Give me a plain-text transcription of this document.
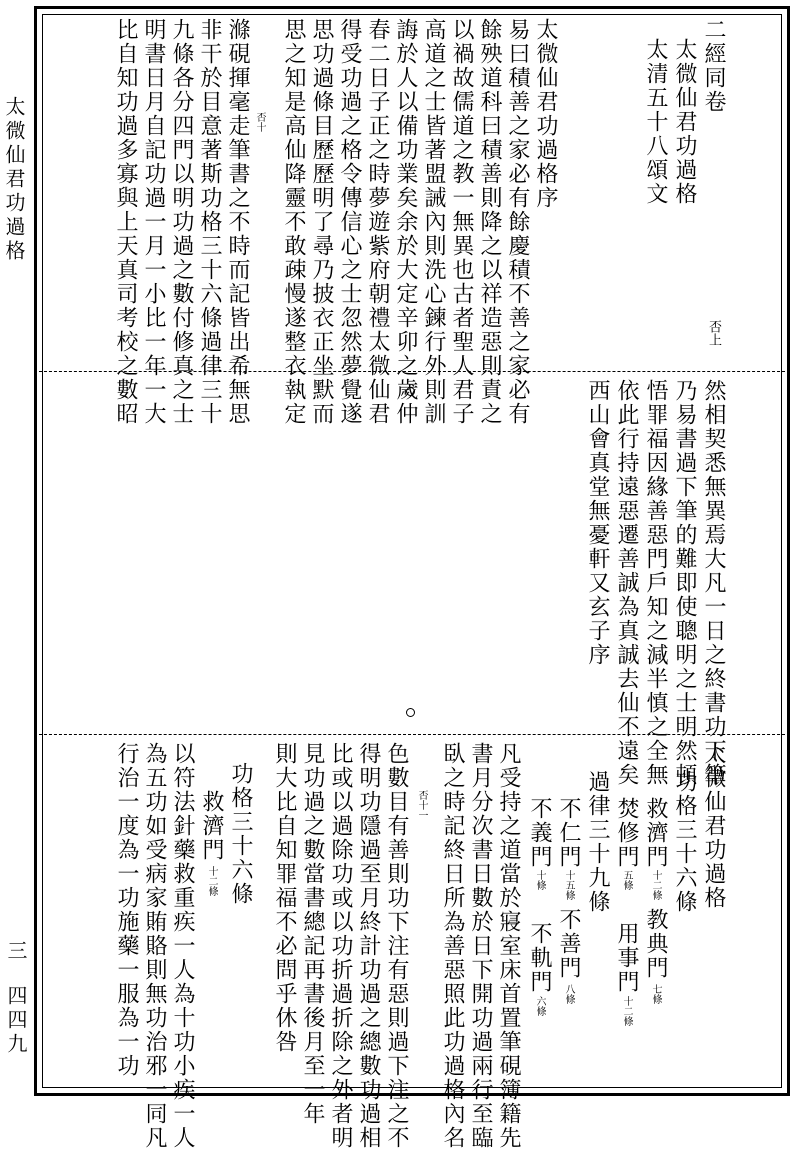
太微仙君功過格
三
四四九
二經同卷
太微仙君功過格
太清五十八頌文
否上
太微仙君功過格序
易曰積善之家必有餘慶積不善之家必有
餘殃道科曰積善則降之以祥造惡則責之
以禍故儒道之教一無異也古者聖人君子
高道之士皆著盟誡內則洗心鍊行外則訓
誨於人以備功業矣余於大定辛卯之歲仲
春二日子正之時夢遊紫府朝禮太微仙君
得受功過之格令傳信心之士忽然夢覺遂
思功過條目歷歷明了尋乃披衣正坐默而
思之知是高仙降靈不敢疎慢遂整衣執定
否十
滌硯揮毫走筆書之不時而記皆出希無思
非干於目意著斯功格三十六條過律三十
九條各分四門以明功過之數付修真之士
明書日月自記功過一月一小比一年一大
比自知功過多寡與上天真司考校之數昭
然相契悉無異焉大凡一日之終書功下筆
乃易書過下筆的難即使聰明之士明然頓
悟罪福因緣善惡門戶知之減半慎之全無
依此行持遠惡遷善誠為真誠去仙不遠矣
西山會真堂無憂軒又玄子序
太微仙君功過格
功格三十六條
救濟門
十二條
教典門
七條
焚修門
五條
用事門
十二條
過律三十九條
不仁門
十五條
不善門
八條
不義門
十條
不軌門
六條
凡受持之道當於寢室床首置筆硯簿籍先
書月分次書日數於日下開功過兩行至臨
臥之時記終日所為善惡照此功過格內名
否十一
色數目有善則功下注有惡則過下注之不
得明功隱過至月終計功過之總數功過相
比或以過除功或以功折過折除之外者明
見功過之數當書總記再書後月至一年
則大比自知罪福不必問乎休咎
功格三十六條
救濟門
十二條
以符法針藥救重疾一人為十功小疾一人
為五功如受病家賄賂則無功治邪一同凡
行治一度為一功施藥一服為一功
